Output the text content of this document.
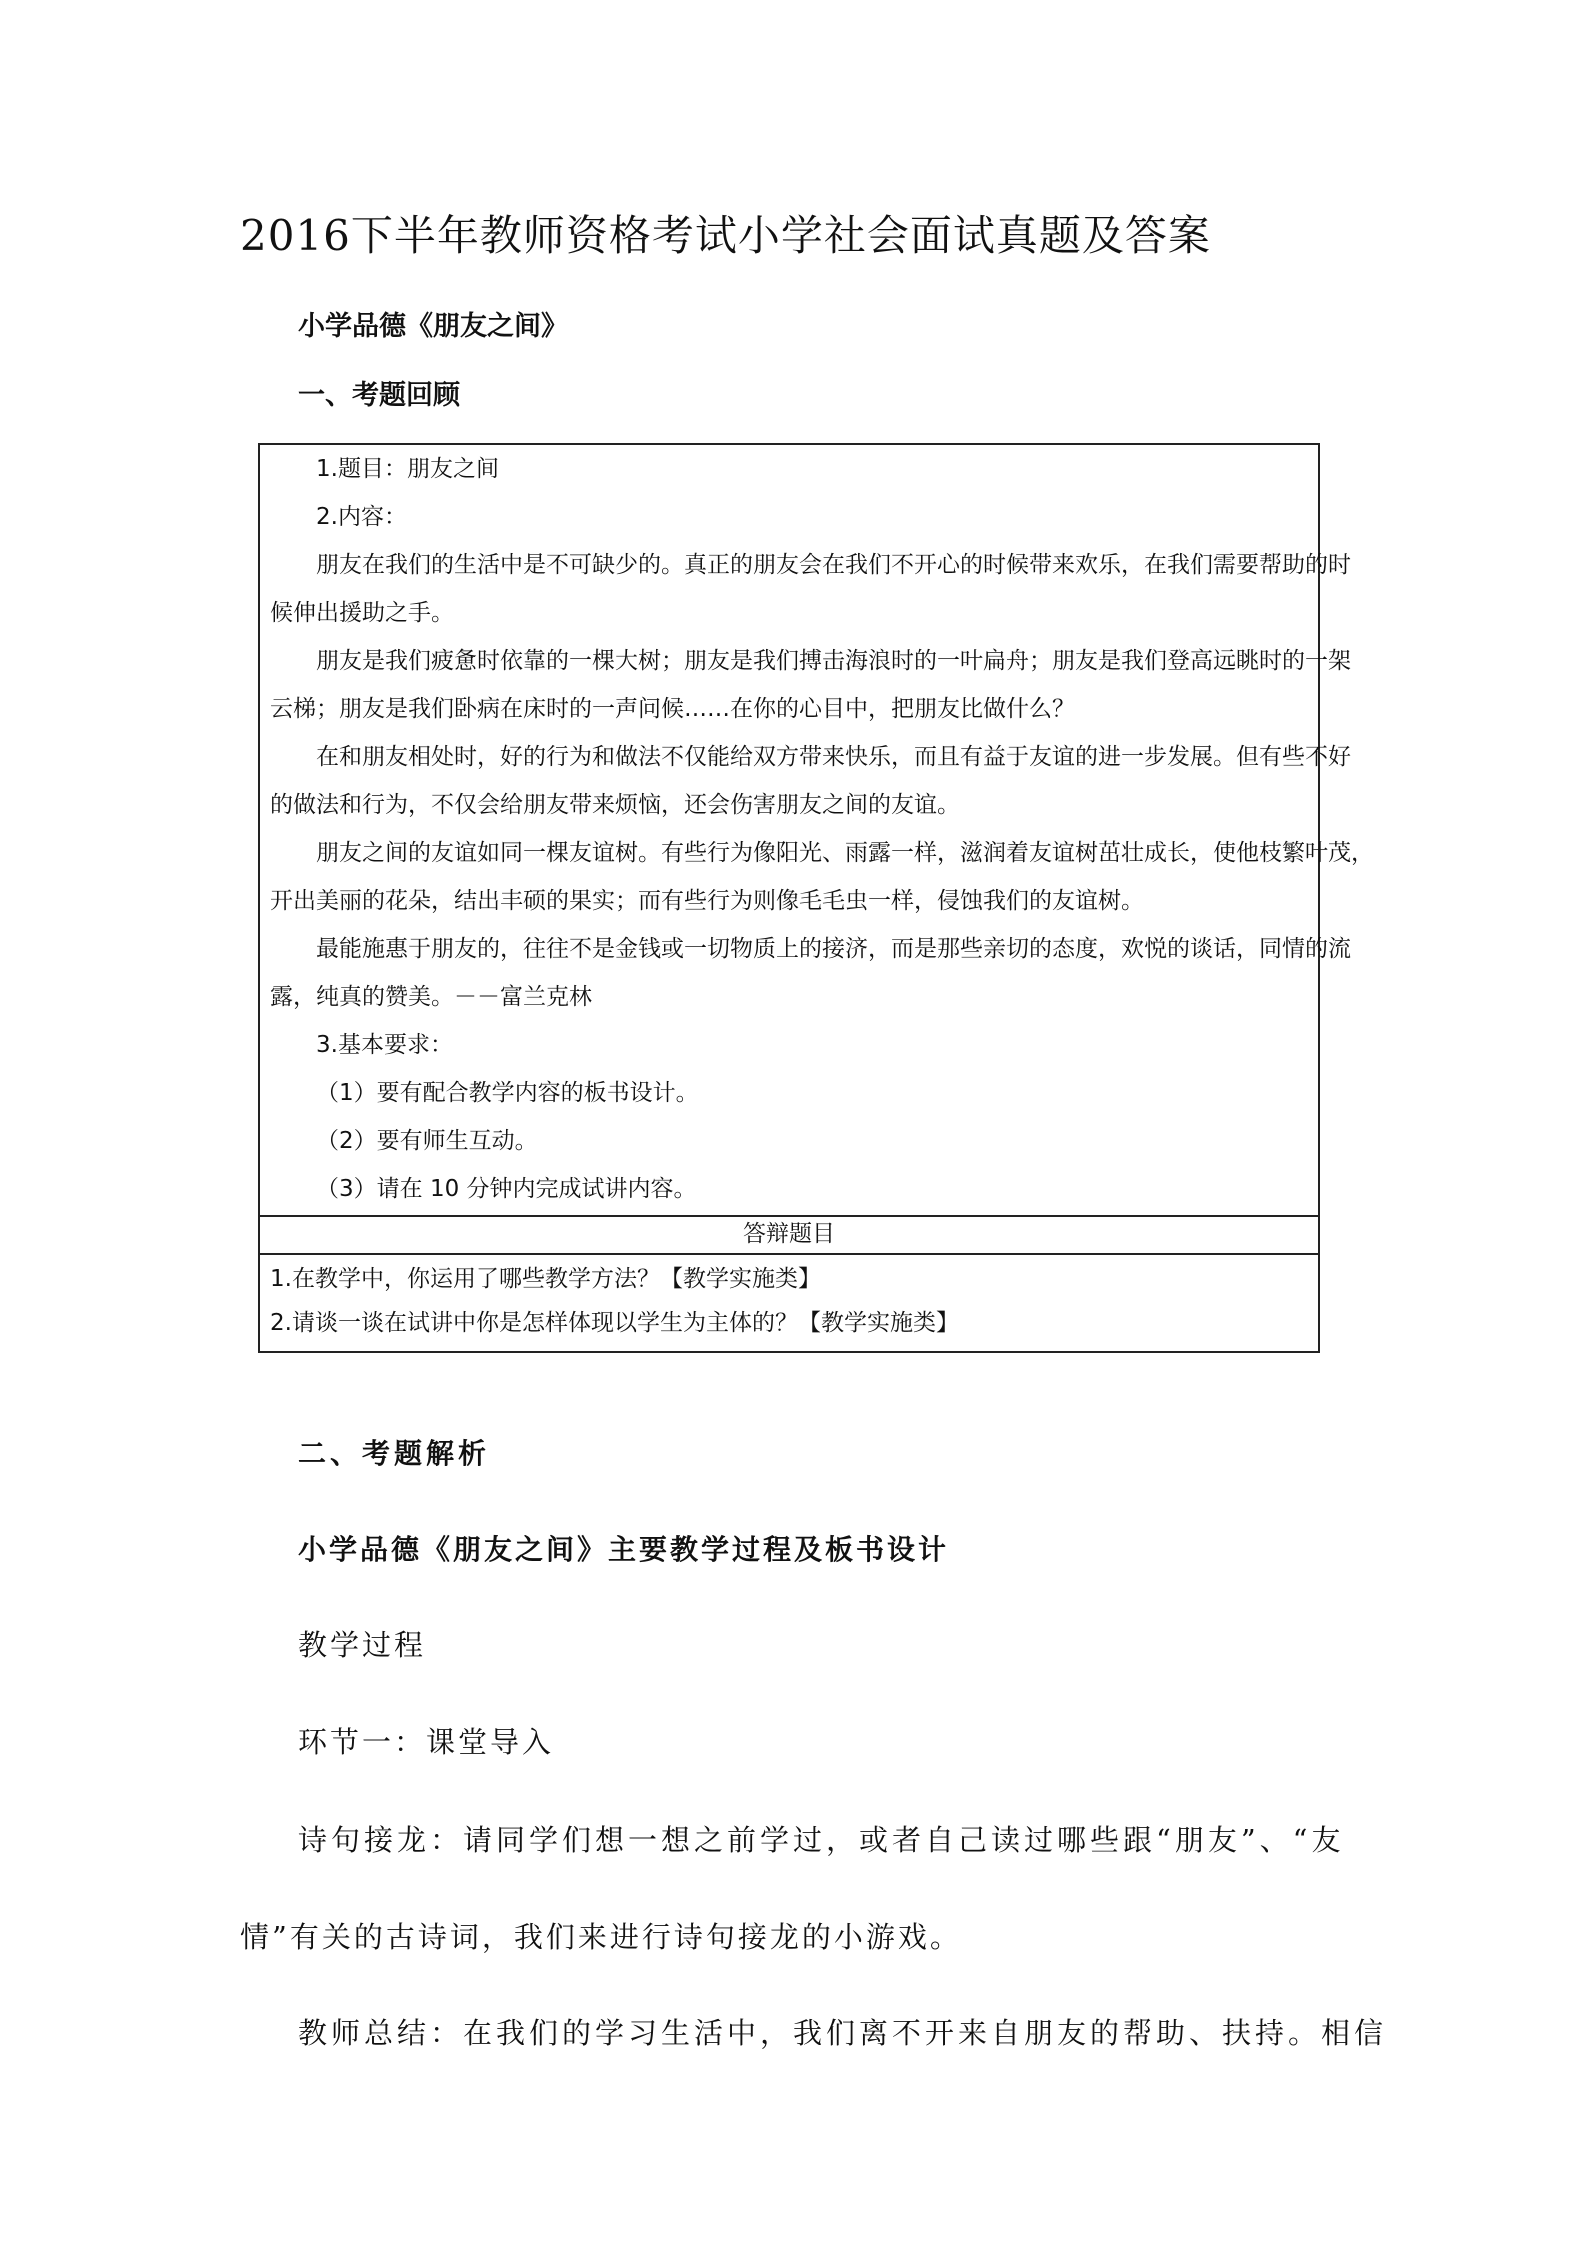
2016下半年教师资格考试小学社会面试真题及答案
小学品德《朋友之间》
一、考题回顾
1.题目：朋友之间
2.内容：
朋友在我们的生活中是不可缺少的。真正的朋友会在我们不开心的时候带来欢乐，在我们需要帮助的时
候伸出援助之手。
朋友是我们疲惫时依靠的一棵大树；朋友是我们搏击海浪时的一叶扁舟；朋友是我们登高远眺时的一架
云梯；朋友是我们卧病在床时的一声问候……在你的心目中，把朋友比做什么？
在和朋友相处时，好的行为和做法不仅能给双方带来快乐，而且有益于友谊的进一步发展。但有些不好
的做法和行为，不仅会给朋友带来烦恼，还会伤害朋友之间的友谊。
朋友之间的友谊如同一棵友谊树。有些行为像阳光、雨露一样，滋润着友谊树茁壮成长，使他枝繁叶茂，
开出美丽的花朵，结出丰硕的果实；而有些行为则像毛毛虫一样，侵蚀我们的友谊树。
最能施惠于朋友的，往往不是金钱或一切物质上的接济，而是那些亲切的态度，欢悦的谈话，同情的流
露，纯真的赞美。－－富兰克林
3.基本要求：
（1）要有配合教学内容的板书设计。
（2）要有师生互动。
（3）请在 10 分钟内完成试讲内容。
答辩题目
1.在教学中，你运用了哪些教学方法？【教学实施类】
2.请谈一谈在试讲中你是怎样体现以学生为主体的？【教学实施类】
二、考题解析
小学品德《朋友之间》主要教学过程及板书设计
教学过程
环节一：课堂导入
诗句接龙：请同学们想一想之前学过，或者自己读过哪些跟“朋友”、“友
情”有关的古诗词，我们来进行诗句接龙的小游戏。
教师总结：在我们的学习生活中，我们离不开来自朋友的帮助、扶持。相信
